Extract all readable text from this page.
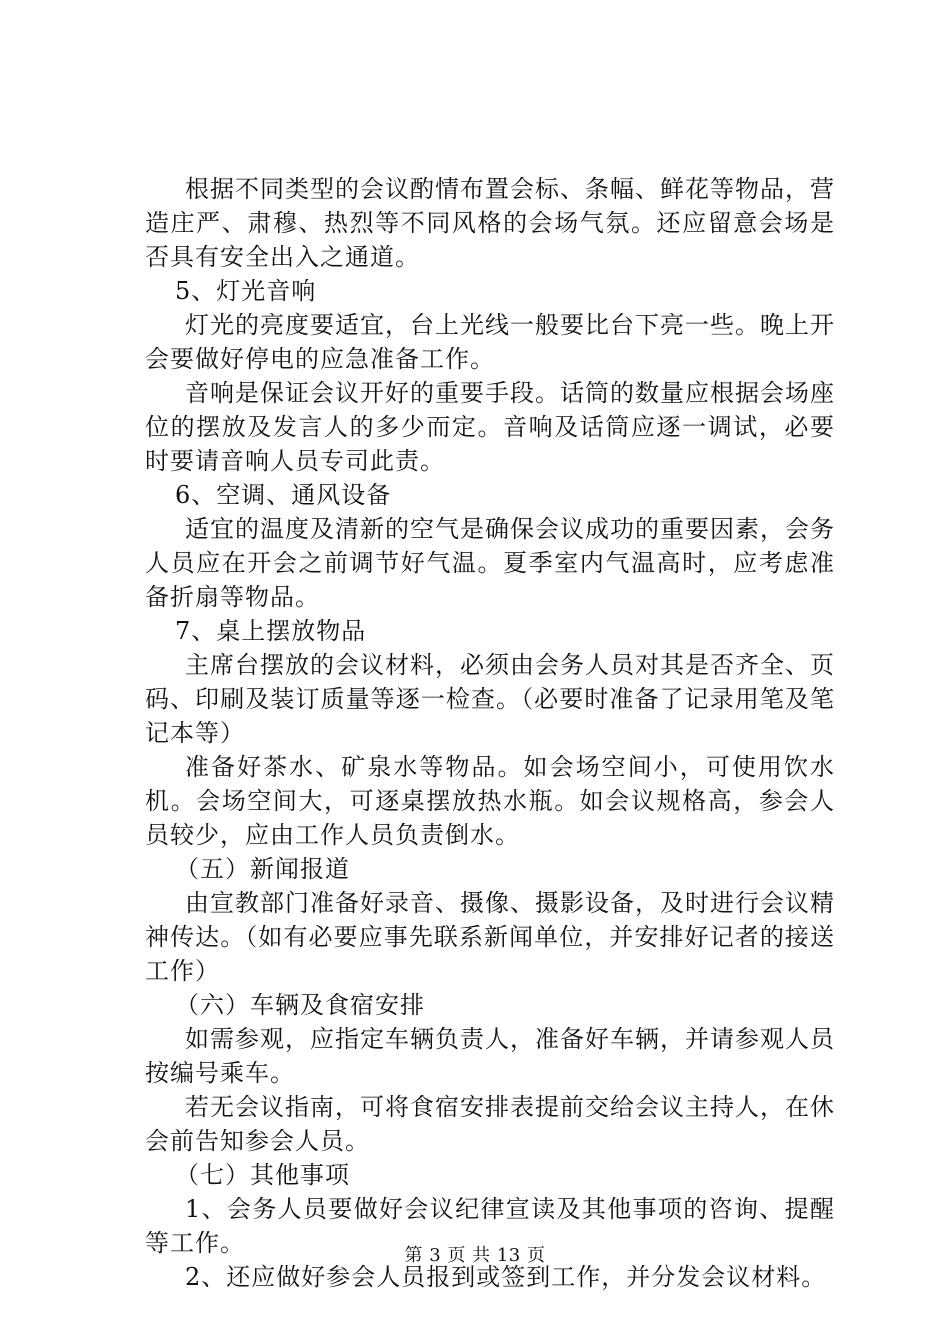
根据不同类型的会议酌情布置会标、条幅、鲜花等物品，营造庄严、肃穆、热烈等不同风格的会场气氛。还应留意会场是否具有安全出入之通道。

5、灯光音响

灯光的亮度要适宜，台上光线一般要比台下亮一些。晚上开会要做好停电的应急准备工作。

音响是保证会议开好的重要手段。话筒的数量应根据会场座位的摆放及发言人的多少而定。音响及话筒应逐一调试，必要时要请音响人员专司此责。

6、空调、通风设备

适宜的温度及清新的空气是确保会议成功的重要因素，会务人员应在开会之前调节好气温。夏季室内气温高时，应考虑准备折扇等物品。

7、桌上摆放物品

主席台摆放的会议材料，必须由会务人员对其是否齐全、页码、印刷及装订质量等逐一检查。（必要时准备了记录用笔及笔记本等）

准备好茶水、矿泉水等物品。如会场空间小，可使用饮水机。会场空间大，可逐桌摆放热水瓶。如会议规格高，参会人员较少，应由工作人员负责倒水。

（五）新闻报道

由宣教部门准备好录音、摄像、摄影设备，及时进行会议精神传达。（如有必要应事先联系新闻单位，并安排好记者的接送工作）

（六）车辆及食宿安排

如需参观，应指定车辆负责人，准备好车辆，并请参观人员按编号乘车。

若无会议指南，可将食宿安排表提前交给会议主持人，在休会前告知参会人员。

（七）其他事项

1、会务人员要做好会议纪律宣读及其他事项的咨询、提醒等工作。

2、还应做好参会人员报到或签到工作，并分发会议材料。

第 3 页 共 13 页
